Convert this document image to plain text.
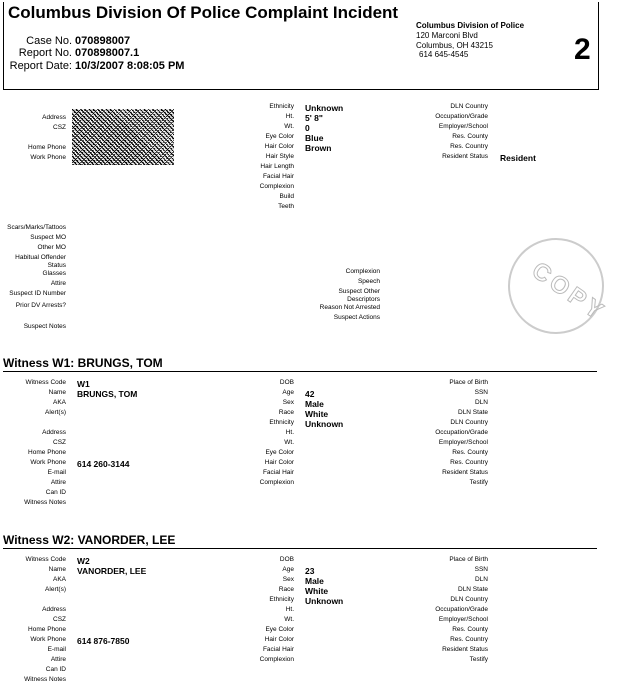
Columbus Division Of Police Complaint Incident
Case No. 070898007
Report No. 070898007.1
Report Date: 10/3/2007 8:08:05 PM
Columbus Division of Police
120 Marconi Blvd
Columbus, OH 43215
614 645-4545	2
Address
CSZ
Home Phone
Work Phone
Ethnicity Unknown
Ht. 5' 8"
Wt. 0
Eye Color Blue
Hair Color Brown
Hair Style
Hair Length
Facial Hair
Complexion
Build
Teeth
DLN Country
Occupation/Grade
Employer/School
Res. County
Res. Country
Resident Status Resident
Scars/Marks/Tattoos
Suspect MO
Other MO
Habitual Offender
Status
Glasses
Attire
Suspect ID Number
Prior DV Arrests?
Suspect Notes
Complexion
Speech
Suspect Other
Descriptors
Reason Not Arrested
Suspect Actions	COPY
Witness W1: BRUNGS, TOM
Witness Code W1
Name BRUNGS, TOM
AKA
Alert(s)
Address
CSZ
Home Phone
Work Phone 614 260-3144
E-mail
Attire
Can ID
Witness Notes
DOB
Age 42
Sex Male
Race White
Ethnicity Unknown
Ht.
Wt.
Eye Color
Hair Color
Facial Hair
Complexion
Place of Birth
SSN
DLN
DLN State
DLN Country
Occupation/Grade
Employer/School
Res. County
Res. Country
Resident Status
Testify
Witness W2: VANORDER, LEE
Witness Code W2
Name VANORDER, LEE
AKA
Alert(s)
Address
CSZ
Home Phone
Work Phone 614 876-7850
E-mail
Attire
Can ID
Witness Notes
DOB
Age 23
Sex Male
Race White
Ethnicity Unknown
Ht.
Wt.
Eye Color
Hair Color
Facial Hair
Complexion
Place of Birth
SSN
DLN
DLN State
DLN Country
Occupation/Grade
Employer/School
Res. County
Res. Country
Resident Status
Testify
